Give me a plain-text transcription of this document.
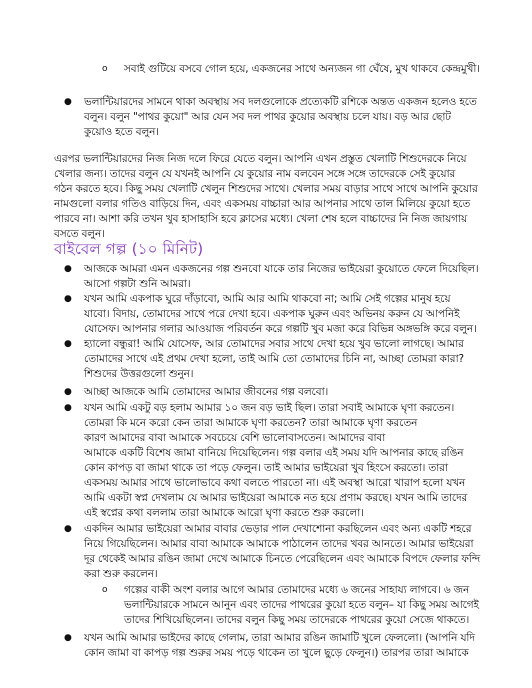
o সবাই গুটিয়ে বসবে গোল হয়ে, একজনের সাথে অন্যজন গা ঘেঁষে, মুখ থাকবে কেন্দ্রমুখী।
● ভলান্টিয়ারদের সামনে থাকা অবস্থায় সব দলগুলোকে প্রত্যেকটি রশিকে অন্তত একজন হলেও হতে
বলুন। বলুন "পাথর কুয়ো" আর যেন সব দল পাথর কুয়োর অবস্থায় চলে যায়। বড় আর ছোট
কুয়োও হতে বলুন।
এরপর ভলান্টিয়ারদের নিজ নিজ দলে ফিরে যেতে বলুন। আপনি এখন প্রস্তুত খেলাটি শিশুদেরকে নিয়ে
খেলার জন্য। তাদের বলুন যে যখনই আপনি যে কুয়োর নাম বলবেন সঙ্গে সঙ্গে তাদেরকে সেই কুয়োর
গঠন করতে হবে। কিছু সময় খেলাটি খেলুন শিশুদের সাথে। খেলার সময় বাড়ার সাথে সাথে আপনি কুয়োর
নামগুলো বলার গতিও বাড়িয়ে দিন, এবং একসময় বাচ্চারা আর আপনার সাথে তাল মিলিয়ে কুয়ো হতে
পারবে না। আশা করি তখন খুব হাসাহাসি হবে ক্লাসের মধ্যে। খেলা শেষ হলে বাচ্চাদের নি নিজ জায়গায়
বসতে বলুন।
বাইবেল গল্প (১০ মিনিট)
● আজকে আমরা এমন একজনের গল্প শুনবো যাকে তার নিজের ভাইয়েরা কুয়োতে ফেলে দিয়েছিল।
আসো গল্পটা শুনি আমরা।
● যখন আমি একপাক ঘুরে দাঁড়াবো, আমি আর আমি থাকবো না; আমি সেই গল্পের মানুষ হয়ে
যাবো। বিদায়, তোমাদের সাথে পরে দেখা হবে। একপাক ঘুরুন এবং অভিনয় করুন যে আপনিই
যোসেফ। আপনার গলার আওয়াজ পরিবর্তন করে গল্পটি খুব মজা করে বিভিন্ন অঙ্গভঙ্গি করে বলুন।
● হ্যালো বন্ধুরা! আমি যোসেফ, আর তোমাদের সবার সাথে দেখা হয়ে খুব ভালো লাগছে। আমার
তোমাদের সাথে এই প্রথম দেখা হলো, তাই আমি তো তোমাদের চিনি না, আচ্ছা তোমরা কারা?
শিশুদের উত্তরগুলো শুনুন।
● আচ্ছা আজকে আমি তোমাদের আমার জীবনের গল্প বলবো।
● যখন আমি একটু বড় হলাম আমার ১০ জন বড় ভাই ছিল। তারা সবাই আমাকে ঘৃণা করতেন।
তোমরা কি মনে করো কেন তারা আমাকে ঘৃণা করতেন? তারা আমাকে ঘৃণা করতেন
কারণ আমাদের বাবা আমাকে সবচেয়ে বেশি ভালোবাসতেন। আমাদের বাবা
আমাকে একটি বিশেষ জামা বানিয়ে দিয়েছিলেন। গল্প বলার এই সময় যদি আপনার কাছে রঙিন
কোন কাপড় বা জামা থাকে তা পড়ে ফেলুন। তাই আমার ভাইয়েরা খুব হিংসে করতো। তারা
একসময় আমার সাথে ভালোভাবে কথা বলতে পারতো না। এই অবস্থা আরো খারাপ হলো যখন
আমি একটা স্বপ্ন দেখলাম যে আমার ভাইয়েরা আমাকে নত হয়ে প্রণাম করছে। যখন আমি তাদের
এই স্বপ্নের কথা বললাম তারা আমাকে আরো ঘৃণা করতে শুরু করলো।
● একদিন আমার ভাইয়েরা আমার বাবার ভেড়ার পাল দেখাশোনা করছিলেন এবং অন্য একটি শহরে
নিয়ে গিয়েছিলেন। আমার বাবা আমাকে আমাকে পাঠালেন তাদের খবর আনতে। আমার ভাইয়েরা
দূর থেকেই আমার রঙিন জামা দেখে আমাকে চিনতে পেরেছিলেন এবং আমাকে বিপদে ফেলার ফন্দি
করা শুরু করলেন।
o গল্পের বাকী অংশ বলার আগে আমার তোমাদের মধ্যে ৬ জনের সাহায্য লাগবে। ৬ জন
ভলান্টিয়ারকে সামনে আনুন এবং তাদের পাথরের কুয়ো হতে বলুন– যা কিছু সময় আগেই
তাদের শিখিয়েছিলেন। তাদের বলুন কিছু সময় তাদেরকে পাথরের কুয়ো সেজে থাকতে।
● যখন আমি আমার ভাইদের কাছে গেলাম, তারা আমার রঙিন জামাটি খুলে ফেললো। (আপনি যদি
কোন জামা বা কাপড় গল্প শুরুর সময় পড়ে থাকেন তা খুলে ছুড়ে ফেলুন।) তারপর তারা আমাকে
